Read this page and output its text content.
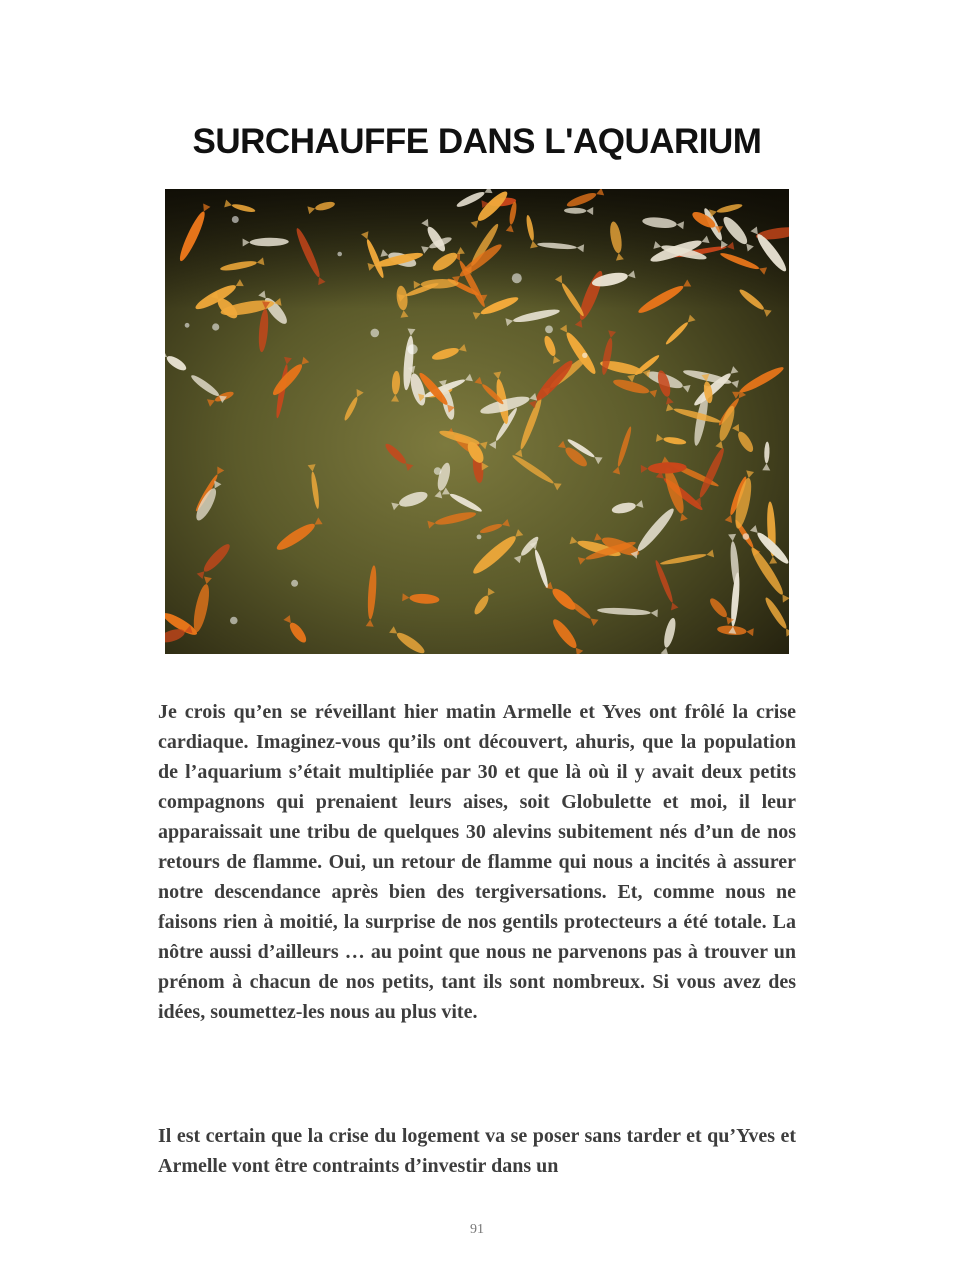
SURCHAUFFE DANS L'AQUARIUM

Je crois qu’en se réveillant hier matin Armelle et Yves ont frôlé la crise cardiaque. Imaginez-vous qu’ils ont découvert, ahuris, que la population de l’aquarium s’était multipliée par 30 et que là où il y avait deux petits compagnons qui prenaient leurs aises, soit Globulette et moi, il leur apparaissait une tribu de quelques 30 alevins subitement nés d’un de nos retours de flamme. Oui, un retour de flamme qui nous a incités à assurer notre descendance après bien des tergiversations. Et, comme nous ne faisons rien à moitié, la surprise de nos gentils protecteurs a été totale. La nôtre aussi d’ailleurs … au point que nous ne parvenons pas à trouver un prénom à chacun de nos petits, tant ils sont nombreux. Si vous avez des idées, soumettez-les nous au plus vite.

Il est certain que la crise du logement va se poser sans tarder et qu’Yves et Armelle vont être contraints d’investir dans un

91
